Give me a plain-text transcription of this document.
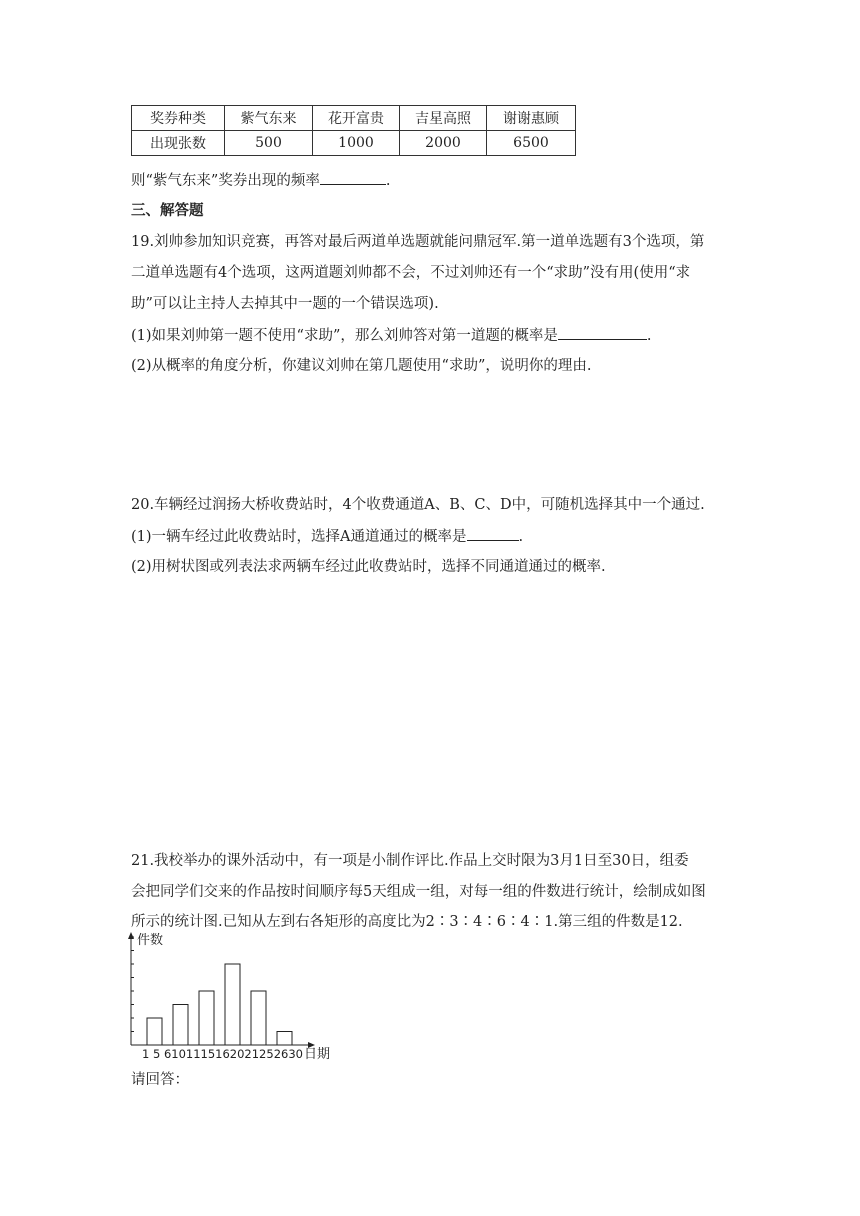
奖券种类	紫气东来	花开富贵	吉星高照	谢谢惠顾
出现张数	500	1000	2000	6500
则“紫气东来”奖券出现的频率	.
三、解答题
19.刘帅参加知识竞赛，再答对最后两道单选题就能问鼎冠军.第一道单选题有3个选项，第
二道单选题有4个选项，这两道题刘帅都不会，不过刘帅还有一个“求助”没有用(使用“求
助”可以让主持人去掉其中一题的一个错误选项).
(1)如果刘帅第一题不使用“求助”，那么刘帅答对第一道题的概率是	.
(2)从概率的角度分析，你建议刘帅在第几题使用“求助”，说明你的理由.
20.车辆经过润扬大桥收费站时，4个收费通道A、B、C、D中，可随机选择其中一个通过.
(1)一辆车经过此收费站时，选择A通道通过的概率是	.
(2)用树状图或列表法求两辆车经过此收费站时，选择不同通道通过的概率.
21.我校举办的课外活动中，有一项是小制作评比.作品上交时限为3月1日至30日，组委
会把同学们交来的作品按时间顺序每5天组成一组，对每一组的件数进行统计，绘制成如图
所示的统计图.已知从左到右各矩形的高度比为2∶3∶4∶6∶4∶1.第三组的件数是12.
件数
1 5 6101115162021252630 日期
请回答：
